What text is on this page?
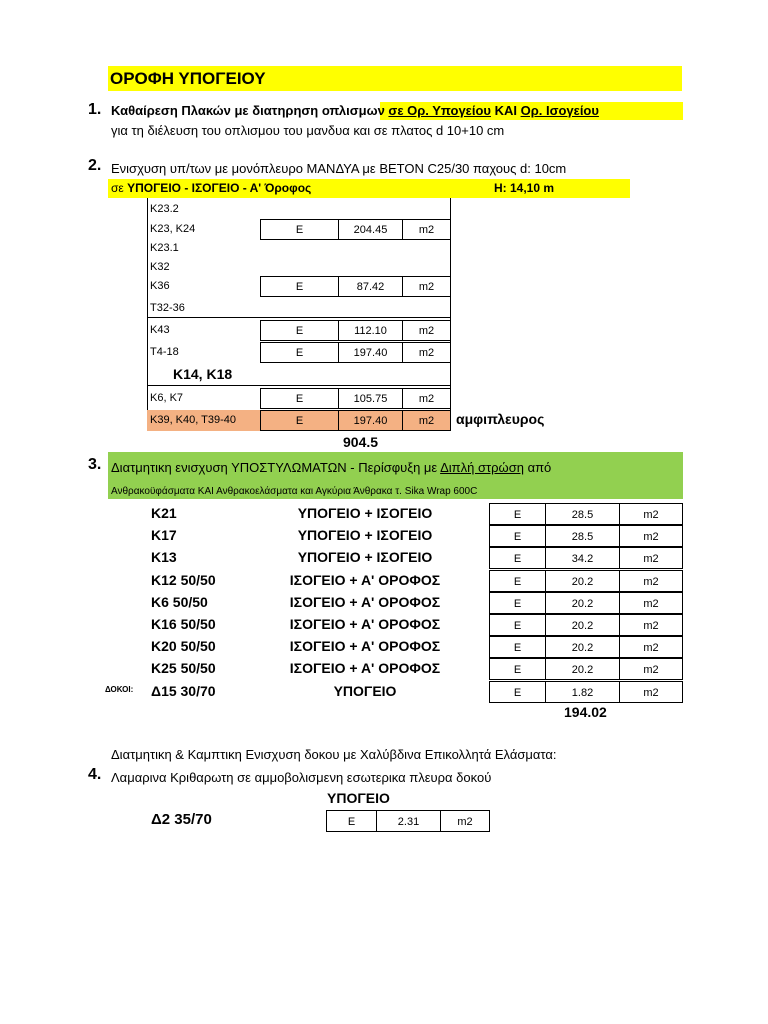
ΟΡΟΦΗ ΥΠΟΓΕΙΟΥ
1. Καθαίρεση Πλακών με διατηρηση οπλισμων σε Ορ. Υπογείου ΚΑΙ Ορ. Ισογείου
για τη διέλευση του οπλισμου του μανδυα και σε πλατος d 10+10 cm
2. Ενισχυση υπ/των με μονόπλευρο ΜΑΝΔΥΑ με ΒΕΤΟΝ C25/30 παχους d: 10cm
σε ΥΠΟΓΕΙΟ - ΙΣΟΓΕΙΟ - Α' Όροφος	Η: 14,10 m
K23.2
K23, K24	E	204.45	m2
K23.1
K32
K36	E	87.42	m2
T32-36
K43	E	112.10	m2
T4-18	E	197.40	m2
Κ14, Κ18
K6, K7	E	105.75	m2
K39, K40, T39-40	E	197.40	m2	αμφιπλευρος
904.5
3. Διατμητικη ενισχυση ΥΠΟΣΤΥΛΩΜΑΤΩΝ - Περίσφυξη με Διπλή στρώση από
Ανθρακοϋφάσματα ΚΑΙ Ανθρακοελάσματα και Αγκύρια Άνθρακα τ. Sika Wrap 600C
K21	ΥΠΟΓΕΙΟ + ΙΣΟΓΕΙΟ	E	28.5	m2
K17	ΥΠΟΓΕΙΟ + ΙΣΟΓΕΙΟ	E	28.5	m2
K13	ΥΠΟΓΕΙΟ + ΙΣΟΓΕΙΟ	E	34.2	m2
K12 50/50	ΙΣΟΓΕΙΟ + Α' ΟΡΟΦΟΣ	E	20.2	m2
K6 50/50	ΙΣΟΓΕΙΟ + Α' ΟΡΟΦΟΣ	E	20.2	m2
K16 50/50	ΙΣΟΓΕΙΟ + Α' ΟΡΟΦΟΣ	E	20.2	m2
K20 50/50	ΙΣΟΓΕΙΟ + Α' ΟΡΟΦΟΣ	E	20.2	m2
K25 50/50	ΙΣΟΓΕΙΟ + Α' ΟΡΟΦΟΣ	E	20.2	m2
ΔΟΚΟΙ: Δ15 30/70	ΥΠΟΓΕΙΟ	E	1.82	m2
194.02
Διατμητικη & Καμπτικη Ενισχυση δοκου με Χαλύβδινα Επικολλητά Ελάσματα:
4. Λαμαρινα Κριθαρωτη σε αμμοβολισμενη εσωτερικα πλευρα δοκού
ΥΠΟΓΕΙΟ
Δ2 35/70	E	2.31	m2
